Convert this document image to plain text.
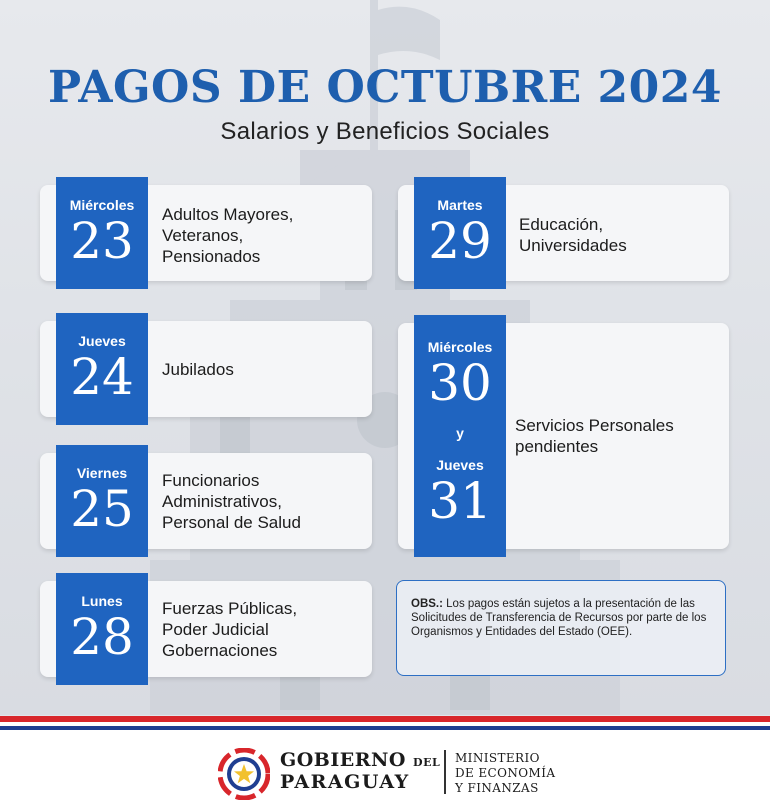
PAGOS DE OCTUBRE 2024
Salarios y Beneficios Sociales
Miércoles
23	Adultos Mayores,
Veteranos,
Pensionados
Jueves
24	Jubilados
Viernes
25	Funcionarios
Administrativos,
Personal de Salud
Lunes
28	Fuerzas Públicas,
Poder Judicial
Gobernaciones
Martes
29	Educación,
Universidades
Miércoles
30
y
Jueves
31
Servicios Personales
pendientes
OBS.: Los pagos están sujetos a la presentación de las Solicitudes de Transferencia de Recursos por parte de los Organismos y Entidades del Estado (OEE).
GOBIERNO DEL
PARAGUAY
MINISTERIO
DE ECONOMÍA
Y FINANZAS
